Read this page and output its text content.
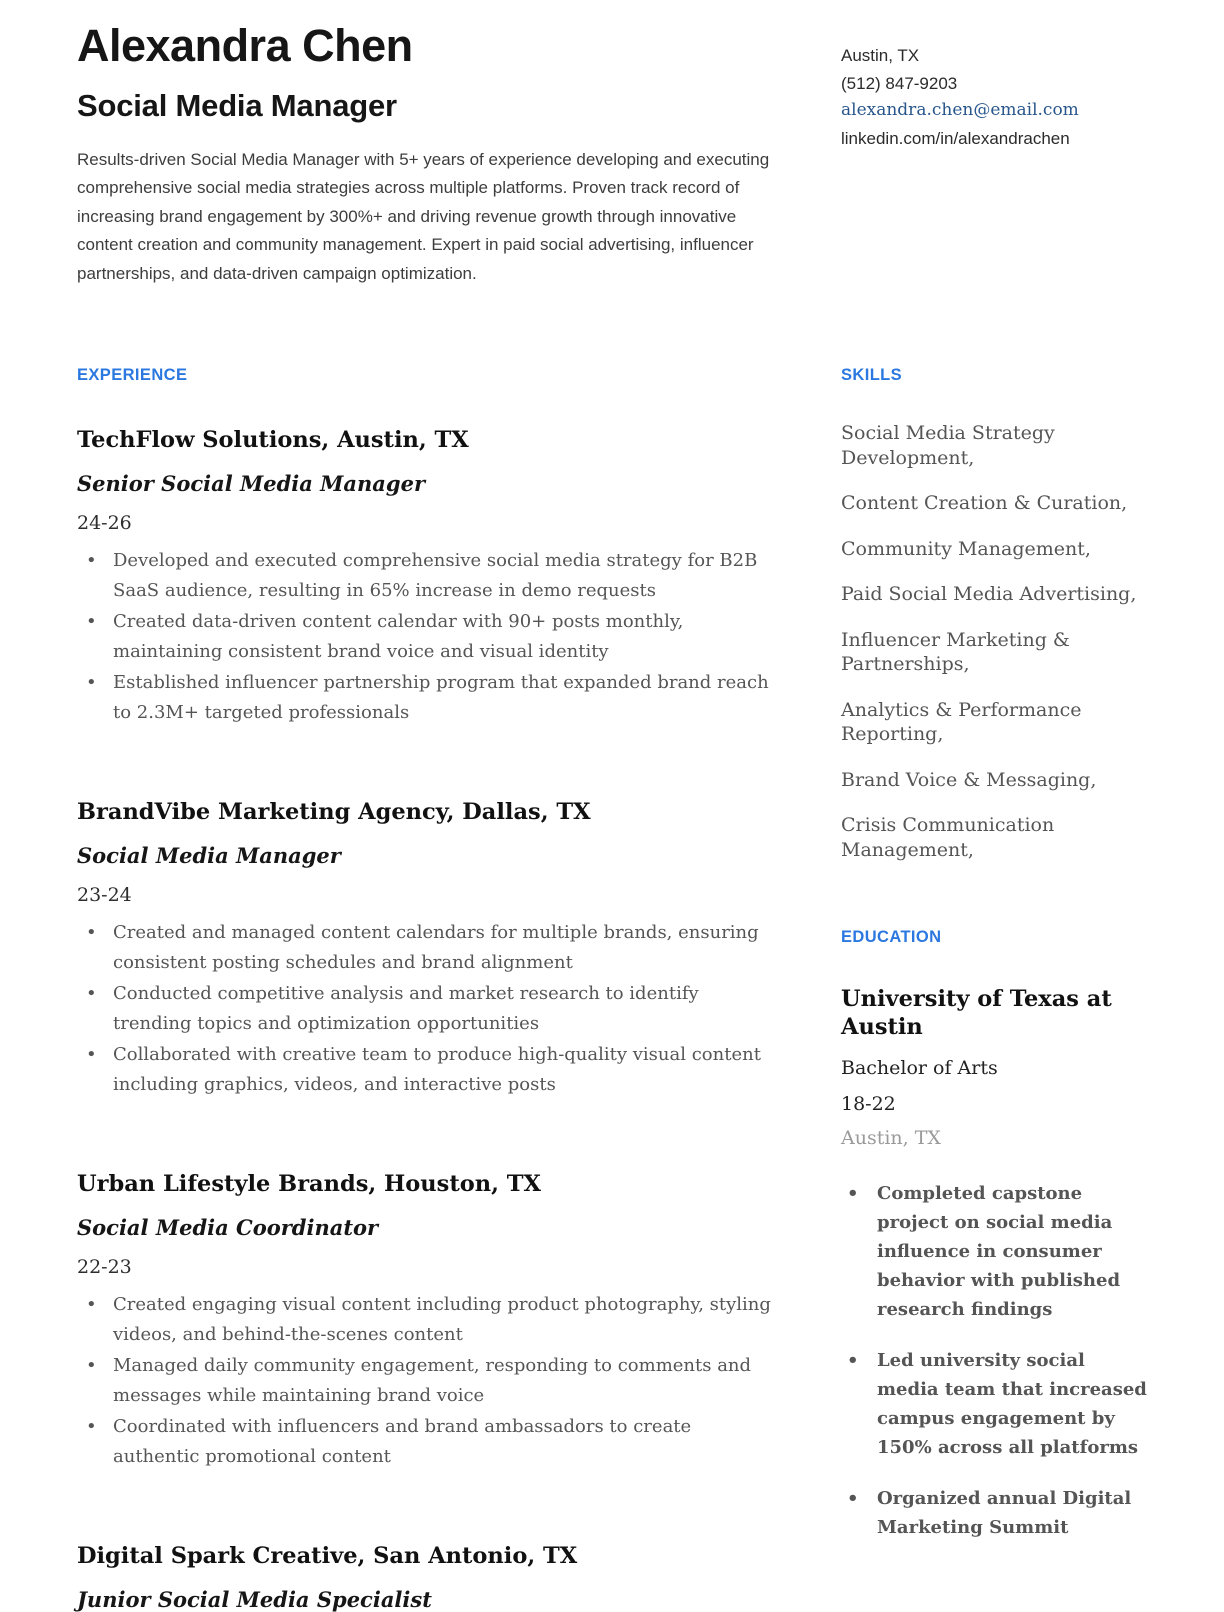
Alexandra Chen
Social Media Manager
Results-driven Social Media Manager with 5+ years of experience developing and executing comprehensive social media strategies across multiple platforms. Proven track record of increasing brand engagement by 300%+ and driving revenue growth through innovative content creation and community management. Expert in paid social advertising, influencer partnerships, and data-driven campaign optimization.
Austin, TX
(512) 847-9203
alexandra.chen@email.com
linkedin.com/in/alexandrachen
EXPERIENCE
TechFlow Solutions, Austin, TX
Senior Social Media Manager
24-26
• Developed and executed comprehensive social media strategy for B2B SaaS audience, resulting in 65% increase in demo requests
• Created data-driven content calendar with 90+ posts monthly, maintaining consistent brand voice and visual identity
• Established influencer partnership program that expanded brand reach to 2.3M+ targeted professionals
BrandVibe Marketing Agency, Dallas, TX
Social Media Manager
23-24
• Created and managed content calendars for multiple brands, ensuring consistent posting schedules and brand alignment
• Conducted competitive analysis and market research to identify trending topics and optimization opportunities
• Collaborated with creative team to produce high-quality visual content including graphics, videos, and interactive posts
Urban Lifestyle Brands, Houston, TX
Social Media Coordinator
22-23
• Created engaging visual content including product photography, styling videos, and behind-the-scenes content
• Managed daily community engagement, responding to comments and messages while maintaining brand voice
• Coordinated with influencers and brand ambassadors to create authentic promotional content
Digital Spark Creative, San Antonio, TX
Junior Social Media Specialist
SKILLS
Social Media Strategy Development,
Content Creation & Curation,
Community Management,
Paid Social Media Advertising,
Influencer Marketing & Partnerships,
Analytics & Performance Reporting,
Brand Voice & Messaging,
Crisis Communication Management,
EDUCATION
University of Texas at Austin
Bachelor of Arts
18-22
Austin, TX
• Completed capstone project on social media influence in consumer behavior with published research findings
• Led university social media team that increased campus engagement by 150% across all platforms
• Organized annual Digital Marketing Summit
